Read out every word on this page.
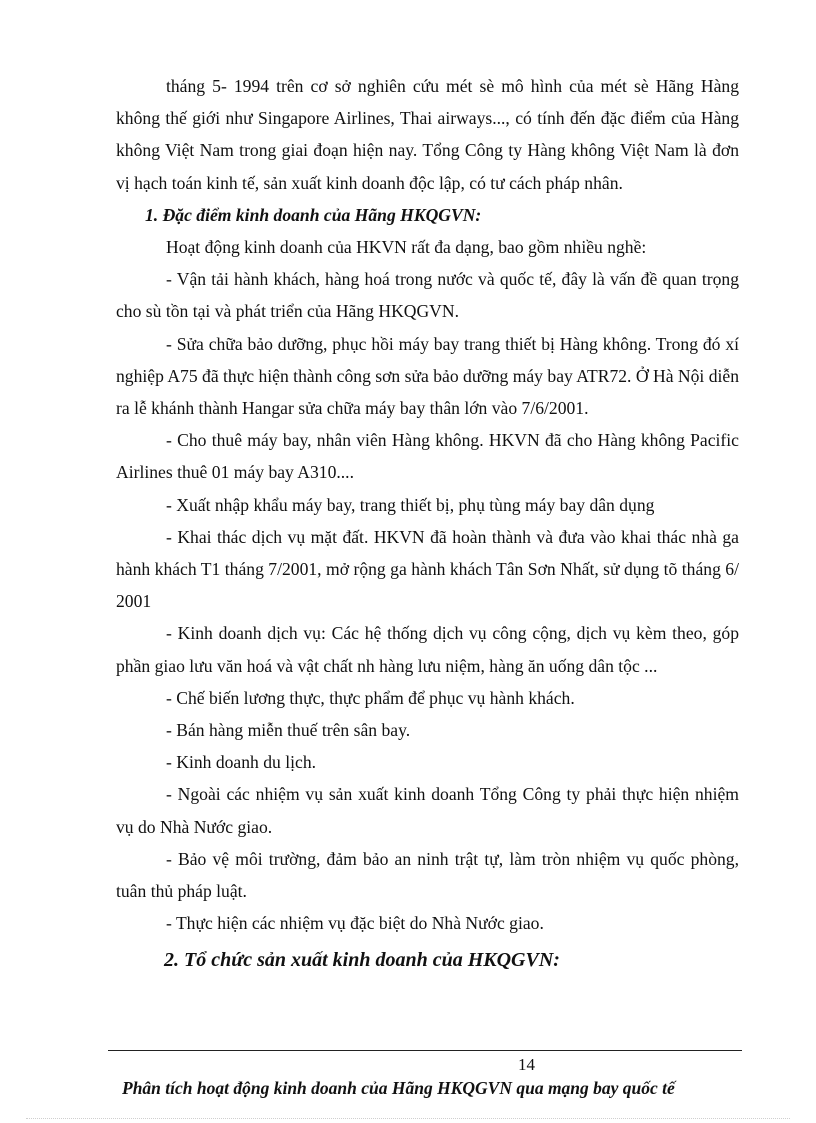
tháng 5- 1994 trên cơ sở nghiên cứu mét sè mô hình của mét sè Hãng Hàng không thế giới như Singapore Airlines, Thai airways..., có tính đến đặc điểm của Hàng không Việt Nam trong giai đoạn hiện nay. Tổng Công ty Hàng không Việt Nam là đơn vị hạch toán kinh tế, sản xuất kinh doanh độc lập, có tư cách pháp nhân.

1. Đặc điểm kinh doanh của Hãng HKQGVN:

Hoạt động kinh doanh của HKVN rất đa dạng, bao gồm nhiều nghề:

- Vận tải hành khách, hàng hoá trong nước và quốc tế, đây là vấn đề quan trọng cho sù tồn tại và phát triển của Hãng HKQGVN.

- Sửa chữa bảo dưỡng, phục hồi máy bay trang thiết bị Hàng không. Trong đó xí nghiệp A75 đã thực hiện thành công sơn sửa bảo dưỡng máy bay ATR72. Ở Hà Nội diễn ra lễ khánh thành Hangar sửa chữa máy bay thân lớn vào 7/6/2001.

- Cho thuê máy bay, nhân viên Hàng không. HKVN đã cho Hàng không Pacific Airlines thuê 01 máy bay A310....

- Xuất nhập khẩu máy bay, trang thiết bị, phụ tùng máy bay dân dụng

- Khai thác dịch vụ mặt đất. HKVN đã hoàn thành và đưa vào khai thác nhà ga hành khách T1 tháng 7/2001, mở rộng ga hành khách Tân Sơn Nhất, sử dụng tõ tháng 6/ 2001

- Kinh doanh dịch vụ: Các hệ thống dịch vụ công cộng, dịch vụ kèm theo, góp phần giao lưu văn hoá và vật chất nh hàng lưu niệm, hàng ăn uống dân tộc ...

- Chế biến lương thực, thực phẩm để phục vụ hành khách.

- Bán hàng miễn thuế trên sân bay.

- Kinh doanh du lịch.

- Ngoài các nhiệm vụ sản xuất kinh doanh Tổng Công ty phải thực hiện nhiệm vụ do Nhà Nước giao.

- Bảo vệ môi trường, đảm bảo an ninh trật tự, làm tròn nhiệm vụ quốc phòng, tuân thủ pháp luật.

- Thực hiện các nhiệm vụ đặc biệt do Nhà Nước giao.

2. Tổ chức sản xuất kinh doanh của HKQGVN:

14
Phân tích hoạt động kinh doanh của Hãng HKQGVN qua mạng bay quốc tế
